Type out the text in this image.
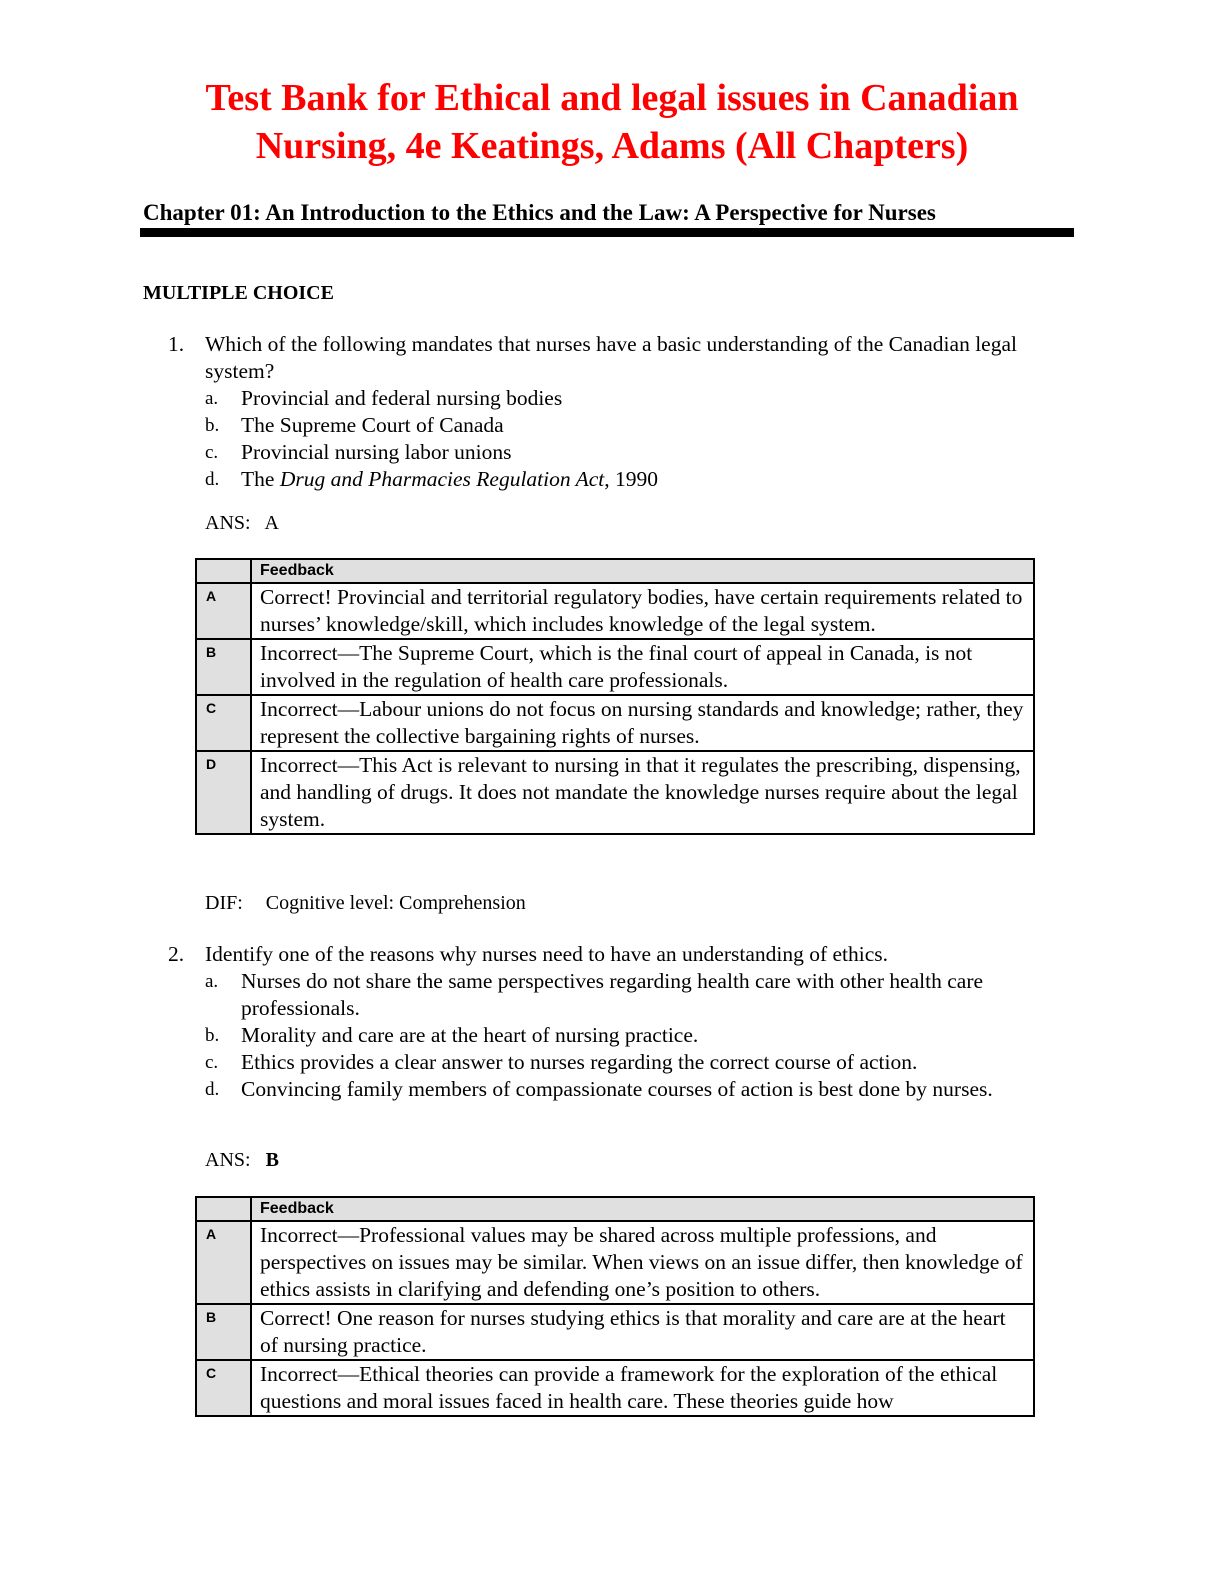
Test Bank for Ethical and legal issues in Canadian
Nursing, 4e Keatings, Adams (All Chapters)
Chapter 01: An Introduction to the Ethics and the Law: A Perspective for Nurses
MULTIPLE CHOICE
1. Which of the following mandates that nurses have a basic understanding of the Canadian legal system?
a.	Provincial and federal nursing bodies
b.	The Supreme Court of Canada
c.	Provincial nursing labor unions
d.	The Drug and Pharmacies Regulation Act, 1990
ANS: A
	Feedback
A	Correct! Provincial and territorial regulatory bodies, have certain requirements related to nurses’ knowledge/skill, which includes knowledge of the legal system.
B	Incorrect—The Supreme Court, which is the final court of appeal in Canada, is not involved in the regulation of health care professionals.
C	Incorrect—Labour unions do not focus on nursing standards and knowledge; rather, they represent the collective bargaining rights of nurses.
D	Incorrect—This Act is relevant to nursing in that it regulates the prescribing, dispensing, and handling of drugs. It does not mandate the knowledge nurses require about the legal system.
DIF: Cognitive level: Comprehension
2. Identify one of the reasons why nurses need to have an understanding of ethics.
a.	Nurses do not share the same perspectives regarding health care with other health care professionals.
b.	Morality and care are at the heart of nursing practice.
c.	Ethics provides a clear answer to nurses regarding the correct course of action.
d.	Convincing family members of compassionate courses of action is best done by nurses.
ANS: B
	Feedback
A	Incorrect—Professional values may be shared across multiple professions, and perspectives on issues may be similar. When views on an issue differ, then knowledge of ethics assists in clarifying and defending one’s position to others.
B	Correct! One reason for nurses studying ethics is that morality and care are at the heart of nursing practice.
C	Incorrect—Ethical theories can provide a framework for the exploration of the ethical questions and moral issues faced in health care. These theories guide how
